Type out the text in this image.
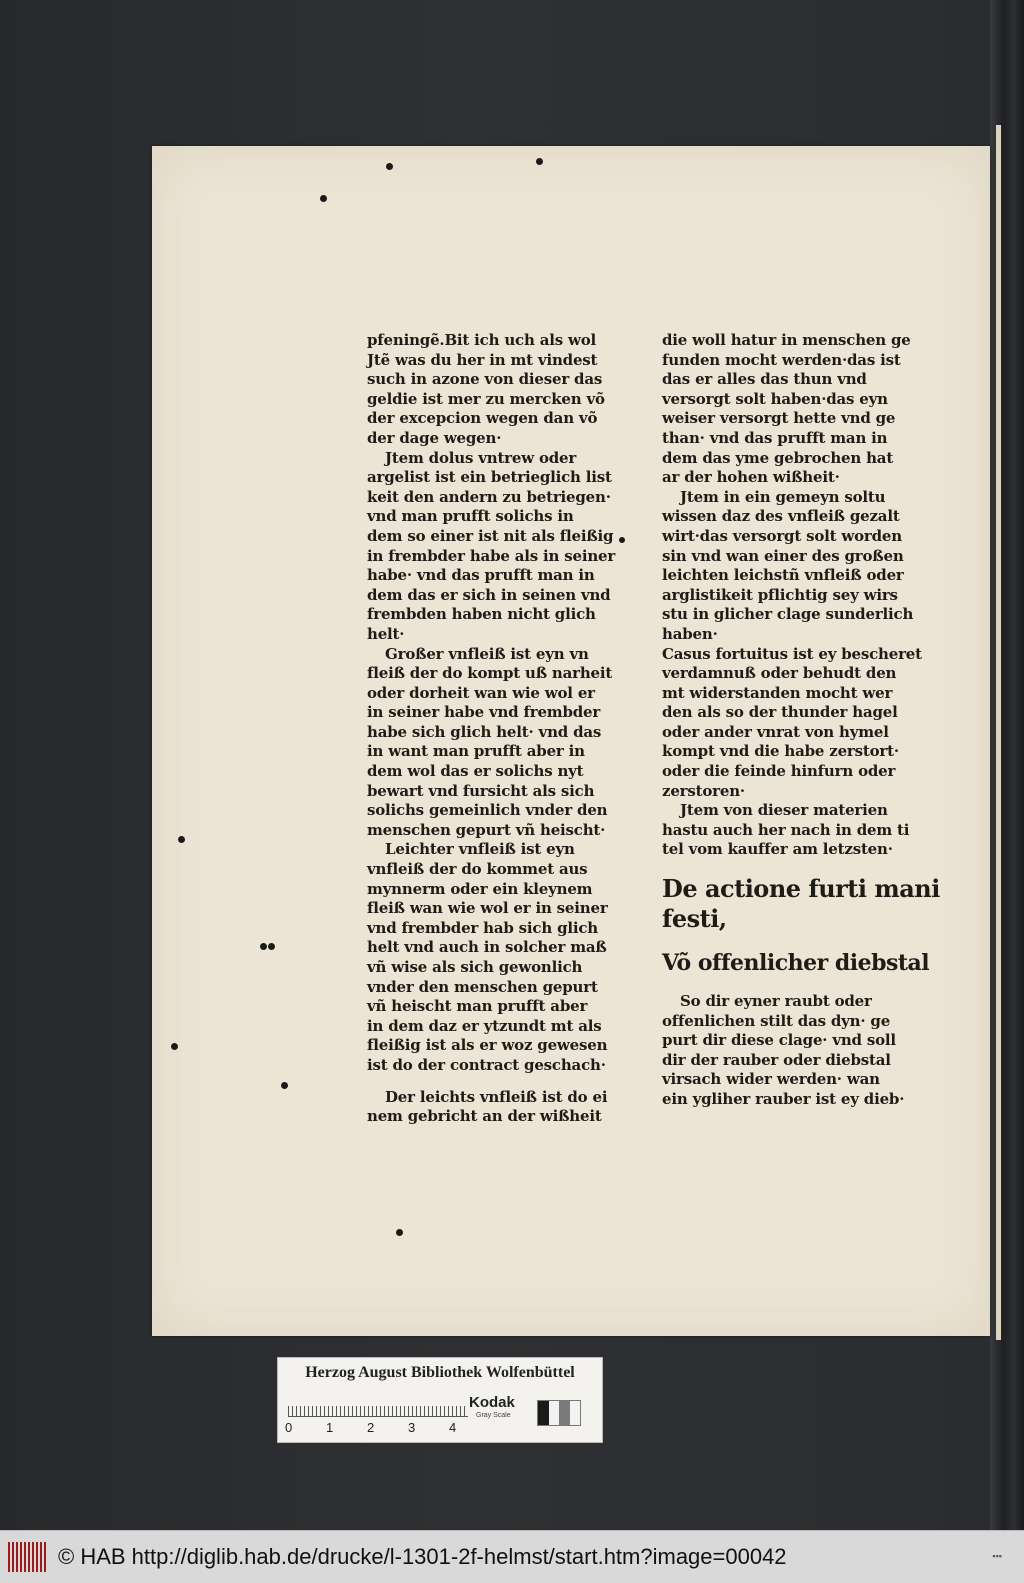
pfeningẽ.Bit ich uch als wol
Jtẽ was du her in mt vindest
such in azone von dieser das
geldie ist mer zu mercken võ
der excepcion wegen dan võ
der dage wegen·
Jtem dolus vntrew oder
argelist ist ein betrieglich list
keit den andern zu betriegen·
vnd man prufft solichs in
dem so einer ist nit als fleißig
in frembder habe als in seiner
habe· vnd das prufft man in
dem das er sich in seinen vnd
frembden haben nicht glich
helt·
Großer vnfleiß ist eyn vn
fleiß der do kompt uß narheit
oder dorheit wan wie wol er
in seiner habe vnd frembder
habe sich glich helt· vnd das
in want man prufft aber in
dem wol das er solichs nyt
bewart vnd fursicht als sich
solichs gemeinlich vnder den
menschen gepurt vñ heischt·
Leichter vnfleiß ist eyn
vnfleiß der do kommet aus
mynnerm oder ein kleynem
fleiß wan wie wol er in seiner
vnd frembder hab sich glich
helt vnd auch in solcher maß
vñ wise als sich gewonlich
vnder den menschen gepurt
vñ heischt man prufft aber
in dem daz er ytzundt mt als
fleißig ist als er woz gewesen
ist do der contract geschach·
Der leichts vnfleiß ist do ei
nem gebricht an der wißheit
die woll hatur in menschen ge
funden mocht werden·das ist
das er alles das thun vnd
versorgt solt haben·das eyn
weiser versorgt hette vnd ge
than· vnd das prufft man in
dem das yme gebrochen hat
ar der hohen wißheit·
Jtem in ein gemeyn soltu
wissen daz des vnfleiß gezalt
wirt·das versorgt solt worden
sin vnd wan einer des großen
leichten leichstñ vnfleiß oder
arglistikeit pflichtig sey wirs
stu in glicher clage sunderlich
haben·
Casus fortuitus ist ey bescheret
verdamnuß oder behudt den
mt widerstanden mocht wer
den als so der thunder hagel
oder ander vnrat von hymel
kompt vnd die habe zerstort·
oder die feinde hinfurn oder
zerstoren·
Jtem von dieser materien
hastu auch her nach in dem ti
tel vom kauffer am letzsten·
De actione furti mani
festi,
Võ offenlicher diebstal
So dir eyner raubt oder
offenlichen stilt das dyn· ge
purt dir diese clage· vnd soll
dir der rauber oder diebstal
virsach wider werden· wan
ein ygliher rauber ist ey dieb·
Herzog August Bibliothek Wolfenbüttel
0	1	2	3	4
Kodak
Gray Scale
© HAB http://diglib.hab.de/drucke/l-1301-2f-helmst/start.htm?image=00042	▪▪▪
